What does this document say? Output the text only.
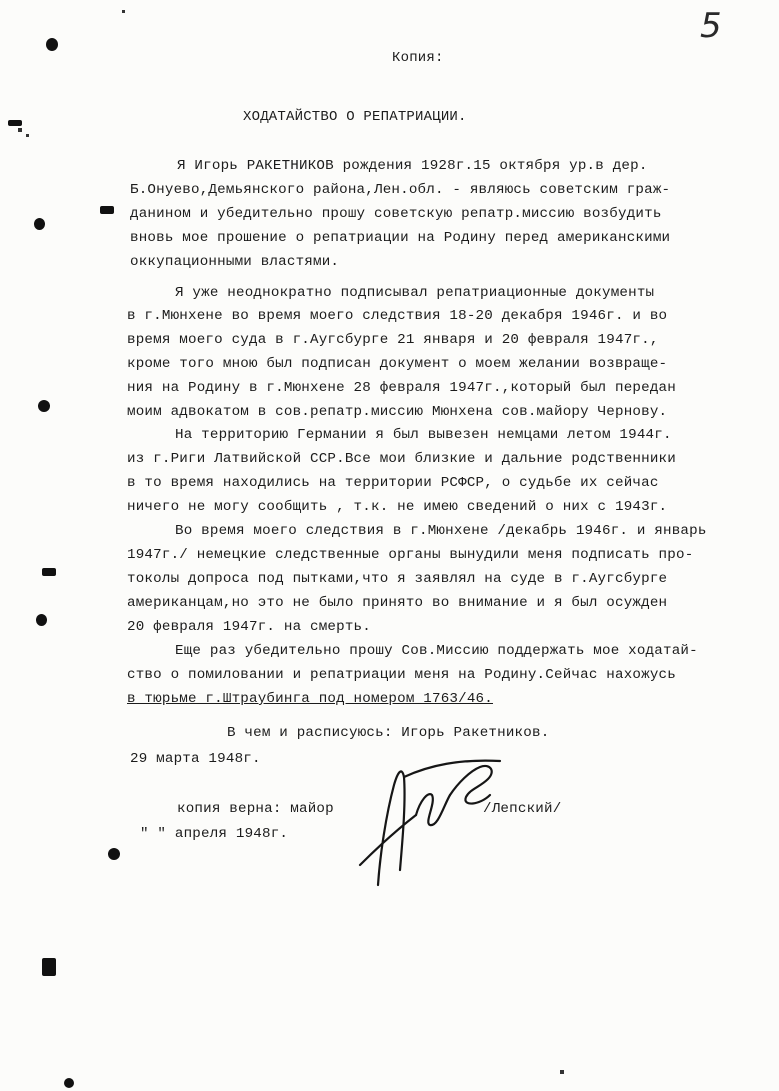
5
Копия:
ХОДАТАЙСТВО О РЕПАТРИАЦИИ.
Я Игорь РАКЕТНИКОВ рождения 1928г.15 октября ур.в дер.
Б.Онуево,Демьянского района,Лен.обл. - являюсь советским граж-
данином и убедительно прошу советскую репатр.миссию возбудить
вновь мое прошение о репатриации на Родину перед американскими
оккупационными властями.
Я уже неоднократно подписывал репатриационные документы
в г.Мюнхене во время моего следствия 18-20 декабря 1946г. и во
время моего суда в г.Аугсбурге 21 января и 20 февраля 1947г.,
кроме того мною был подписан документ о моем желании возвраще-
ния на Родину в г.Мюнхене 28 февраля 1947г.,который был передан
моим адвокатом в сов.репатр.миссию Мюнхена сов.майору Чернову.
На территорию Германии я был вывезен немцами летом 1944г.
из г.Риги Латвийской ССР.Все мои близкие и дальние родственники
в то время находились на территории РСФСР, о судьбе их сейчас
ничего не могу сообщить , т.к. не имею сведений о них с 1943г.
Во время моего следствия в г.Мюнхене /декабрь 1946г. и январь
1947г./ немецкие следственные органы вынудили меня подписать про-
токолы допроса под пытками,что я заявлял на суде в г.Аугсбурге
американцам,но это не было принято во внимание и я был осужден
20 февраля 1947г. на смерть.
Еще раз убедительно прошу Сов.Миссию поддержать мое ходатай-
ство о помиловании и репатриации меня на Родину.Сейчас нахожусь
в тюрьме г.Штраубинга под номером 1763/46.
В чем и расписуюсь: Игорь Ракетников.
29 марта 1948г.
копия верна: майор	/Лепский/
" " апреля 1948г.
